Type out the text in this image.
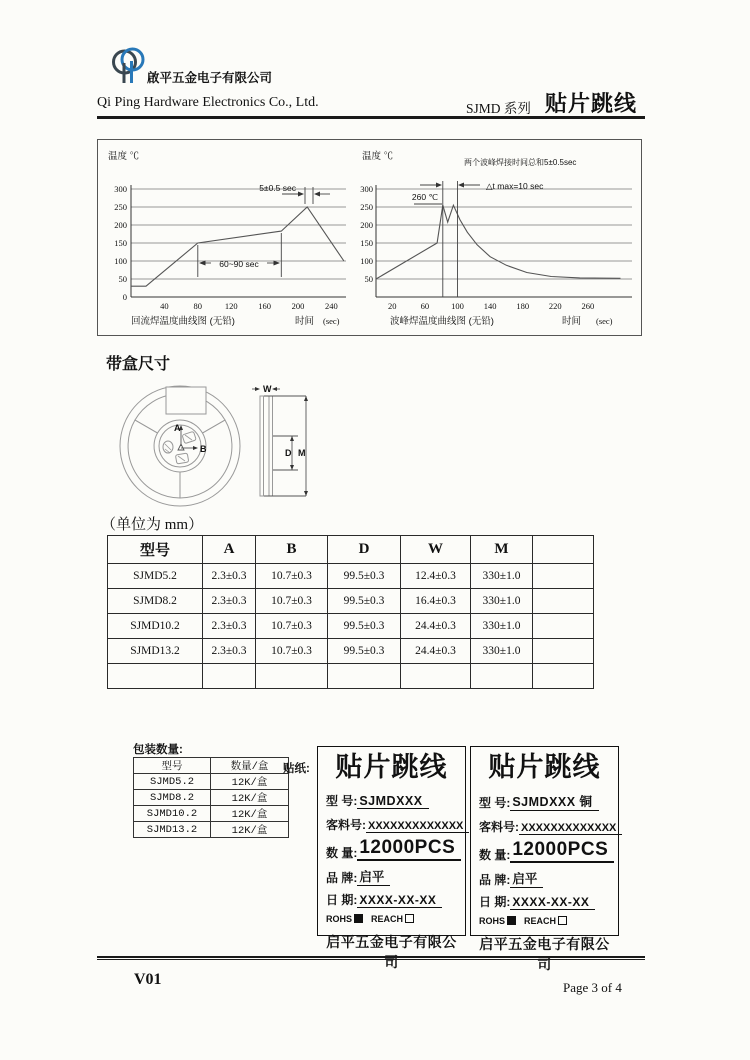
啟平五金电子有限公司
Qi Ping Hardware Electronics Co., Ltd.	SJMD 系列 贴片跳线
5±0.5 sec
60~90 sec
温度 ℃
300
250
200
150
100
50
0
40	80	120 160 200 240
回流焊温度曲线图 (无铅)	时间 (sec)
260 ℃
两个波峰焊接时间总和5±0.5sec
△t max=10 sec
温度 ℃
300
250
200
150
100
50
20	60	100 140 180 220 260
波峰焊温度曲线图 (无铅)	时间 (sec)
带盒尺寸
A
B
W
D M
（单位为 mm）
型号	A	B	D	W	M	
SJMD5.2	2.3±0.3	10.7±0.3	99.5±0.3	12.4±0.3	330±1.0	
SJMD8.2	2.3±0.3	10.7±0.3	99.5±0.3	16.4±0.3	330±1.0	
SJMD10.2	2.3±0.3	10.7±0.3	99.5±0.3	24.4±0.3	330±1.0	
SJMD13.2	2.3±0.3	10.7±0.3	99.5±0.3	24.4±0.3	330±1.0	

包装数量:
型号	数量/盒
SJMD5.2	12K/盒
SJMD8.2	12K/盒
SJMD10.2	12K/盒
SJMD13.2	12K/盒
贴纸: 贴片跳线
型 号: SJMDXXX
客料号: XXXXXXXXXXXXX
数 量: 12000PCS
品 牌: 启平
日 期: XXXX-XX-XX
ROHS REACH
启平五金电子有限公司
贴片跳线
型 号: SJMDXXX 铜
客料号: XXXXXXXXXXXXX
数 量: 12000PCS
品 牌: 启平
日 期: XXXX-XX-XX
ROHS REACH
启平五金电子有限公司
V01	Page 3 of 4
